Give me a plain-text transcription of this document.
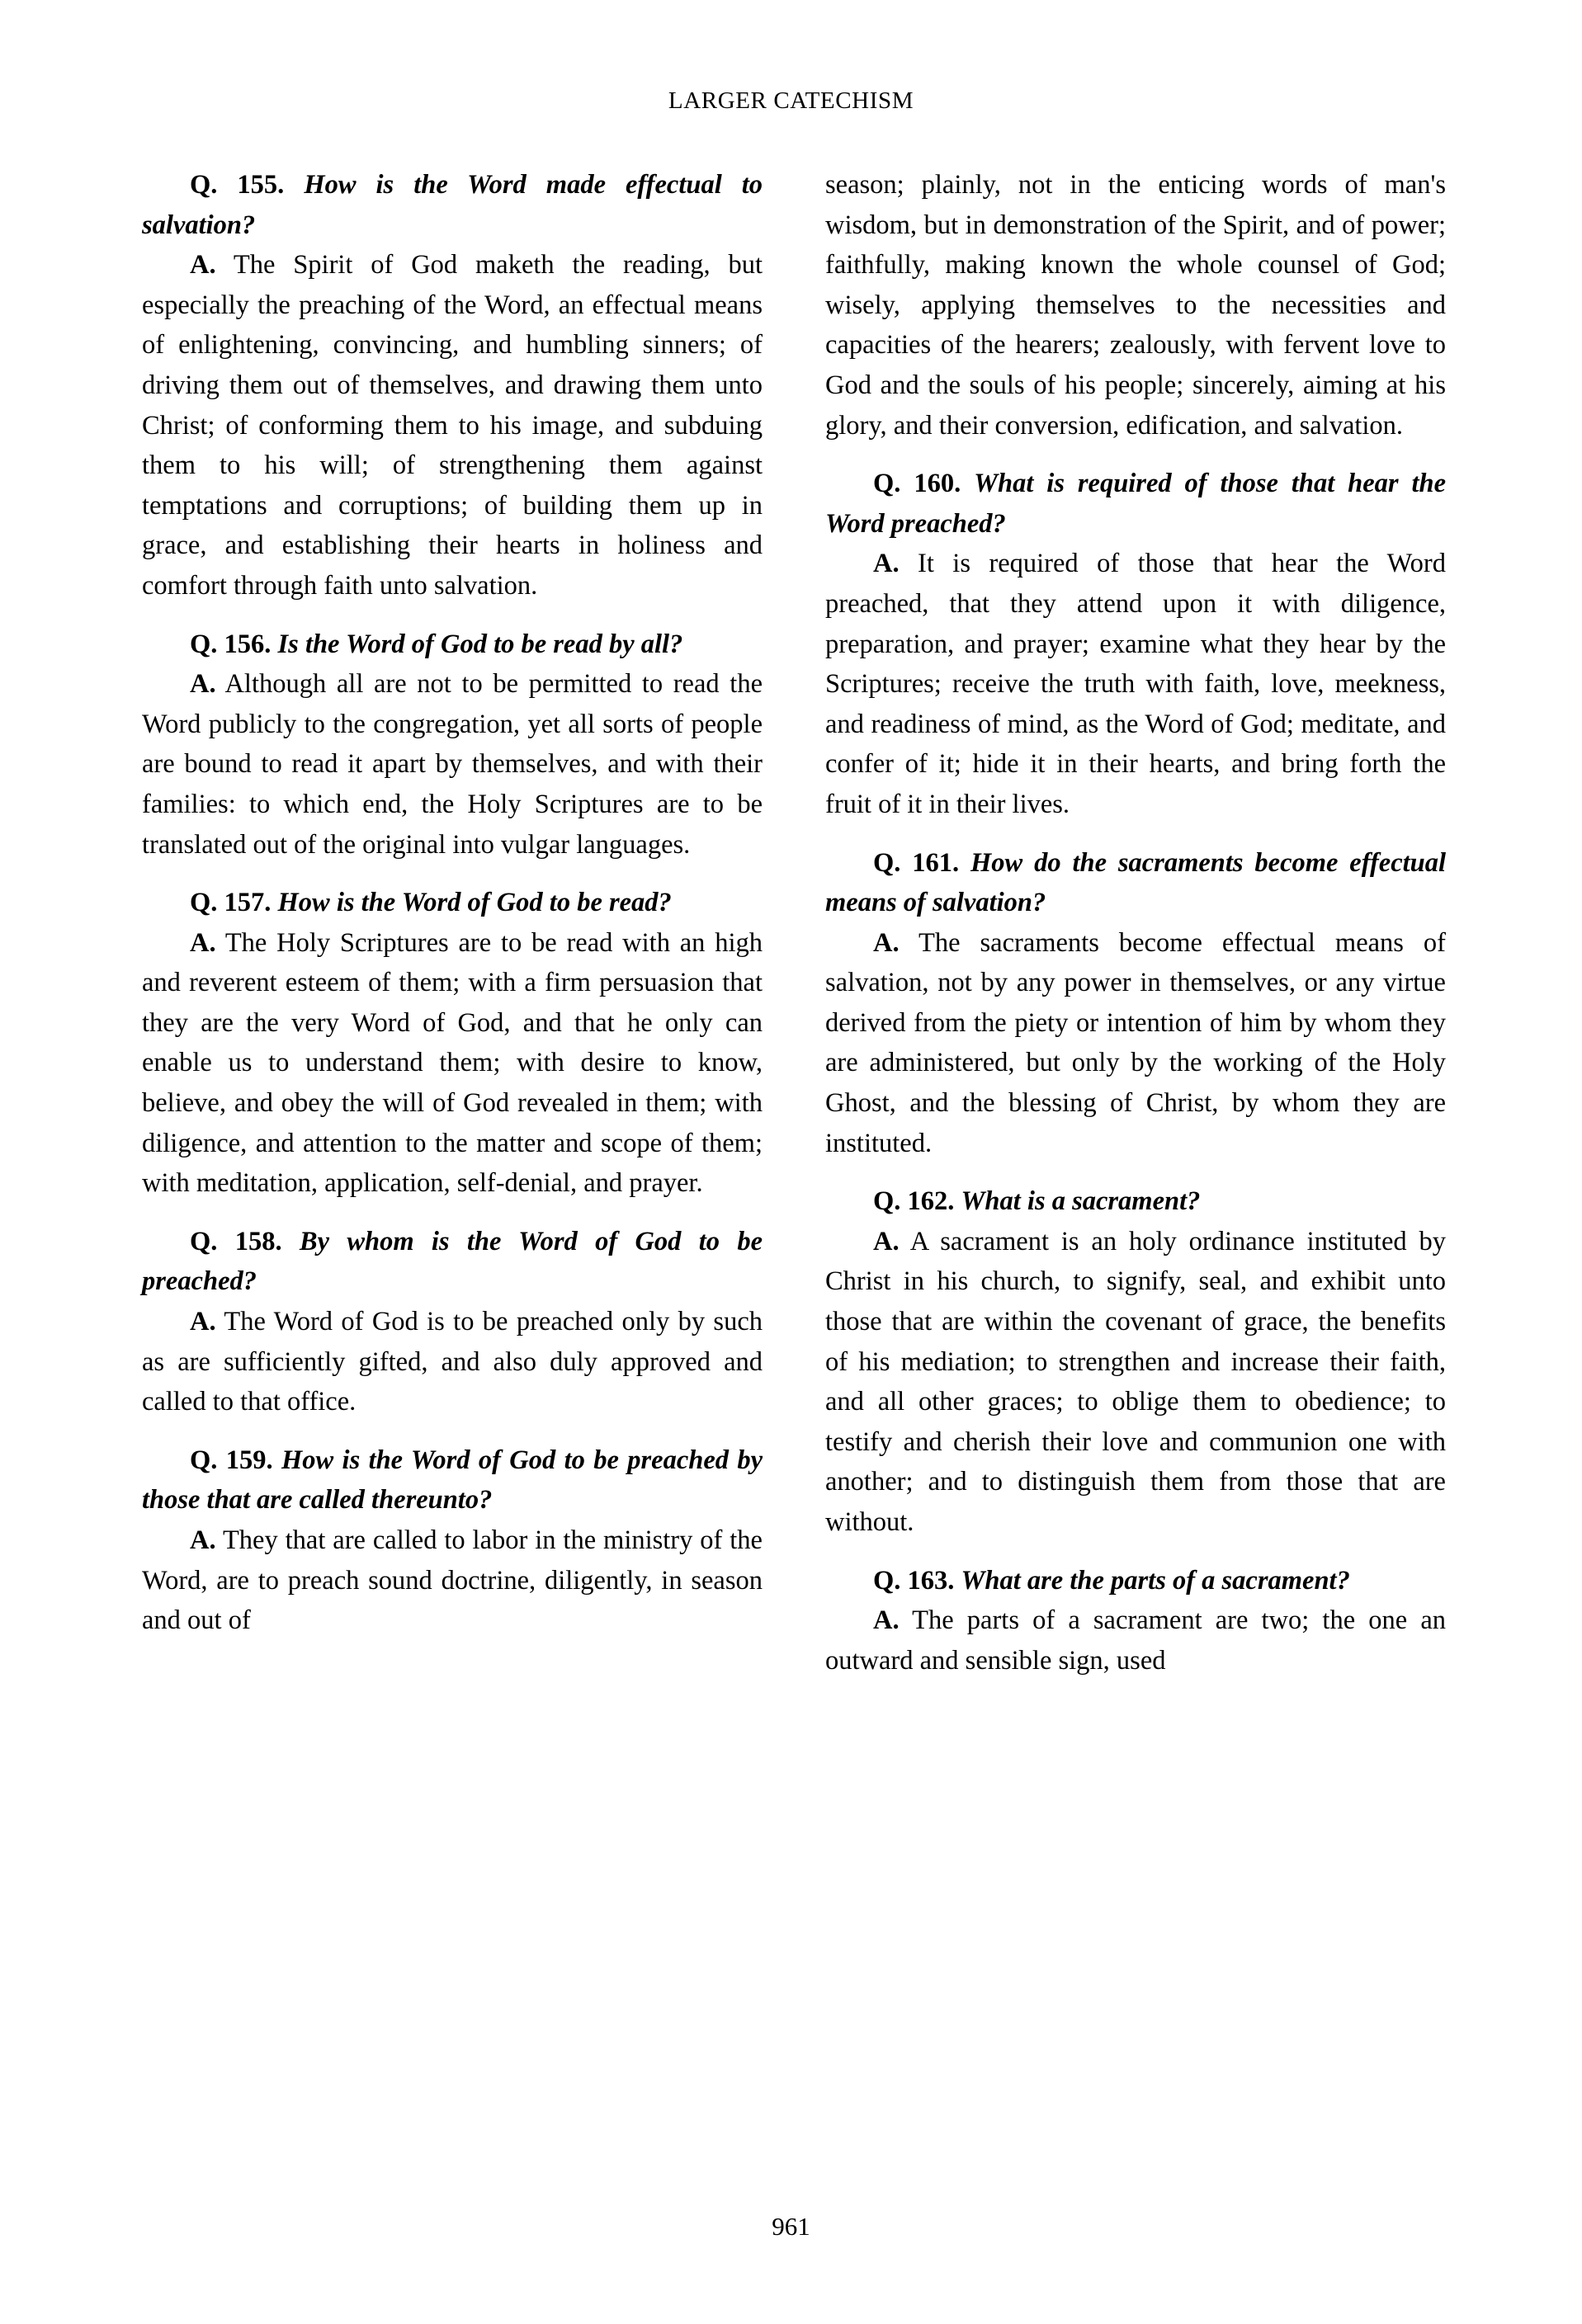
LARGER CATECHISM

Q. 155. How is the Word made effectual to salvation?

A. The Spirit of God maketh the reading, but especially the preaching of the Word, an effectual means of enlightening, convincing, and humbling sinners; of driving them out of themselves, and drawing them unto Christ; of conforming them to his image, and subduing them to his will; of strengthening them against temptations and corruptions; of building them up in grace, and establishing their hearts in holiness and comfort through faith unto salvation.

Q. 156. Is the Word of God to be read by all?

A. Although all are not to be permitted to read the Word publicly to the congregation, yet all sorts of people are bound to read it apart by themselves, and with their families: to which end, the Holy Scriptures are to be translated out of the original into vulgar languages.

Q. 157. How is the Word of God to be read?

A. The Holy Scriptures are to be read with an high and reverent esteem of them; with a firm persuasion that they are the very Word of God, and that he only can enable us to understand them; with desire to know, believe, and obey the will of God revealed in them; with diligence, and attention to the matter and scope of them; with meditation, application, self-denial, and prayer.

Q. 158. By whom is the Word of God to be preached?

A. The Word of God is to be preached only by such as are sufficiently gifted, and also duly approved and called to that office.

Q. 159. How is the Word of God to be preached by those that are called thereunto?

A. They that are called to labor in the ministry of the Word, are to preach sound doctrine, diligently, in season and out of

season; plainly, not in the enticing words of man's wisdom, but in demonstration of the Spirit, and of power; faithfully, making known the whole counsel of God; wisely, applying themselves to the necessities and capacities of the hearers; zealously, with fervent love to God and the souls of his people; sincerely, aiming at his glory, and their conversion, edification, and salvation.

Q. 160. What is required of those that hear the Word preached?

A. It is required of those that hear the Word preached, that they attend upon it with diligence, preparation, and prayer; examine what they hear by the Scriptures; receive the truth with faith, love, meekness, and readiness of mind, as the Word of God; meditate, and confer of it; hide it in their hearts, and bring forth the fruit of it in their lives.

Q. 161. How do the sacraments become effectual means of salvation?

A. The sacraments become effectual means of salvation, not by any power in themselves, or any virtue derived from the piety or intention of him by whom they are administered, but only by the working of the Holy Ghost, and the blessing of Christ, by whom they are instituted.

Q. 162. What is a sacrament?

A. A sacrament is an holy ordinance instituted by Christ in his church, to signify, seal, and exhibit unto those that are within the covenant of grace, the benefits of his mediation; to strengthen and increase their faith, and all other graces; to oblige them to obedience; to testify and cherish their love and communion one with another; and to distinguish them from those that are without.

Q. 163. What are the parts of a sacrament?

A. The parts of a sacrament are two; the one an outward and sensible sign, used

961
